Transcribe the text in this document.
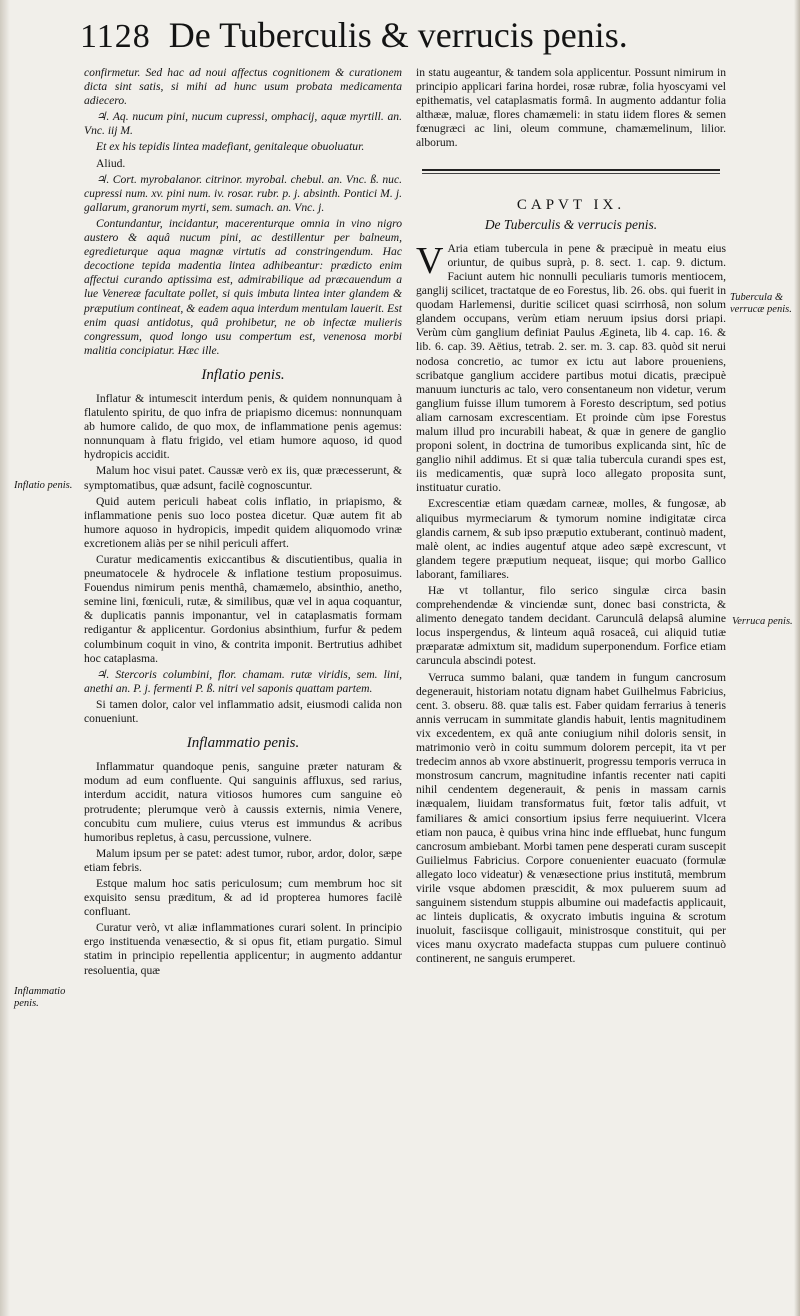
1128 De Tuberculis & verrucis penis.
Inflatio penis.
Inflammatio penis.
Tubercula & verrucæ penis.
Verruca penis.

confirmetur. Sed hac ad noui affectus cognitionem & curationem dicta sint satis, si mihi ad hunc usum probata medicamenta adiecero.

♃. Aq. nucum pini, nucum cupressi, omphacij, aquæ myrtill. an. Vnc. iij M.

Et ex his tepidis lintea madefiant, genitaleque obuoluatur.

Aliud.

♃. Cort. myrobalanor. citrinor. myrobal. chebul. an. Vnc. ß. nuc. cupressi num. xv. pini num. iv. rosar. rubr. p. j. absinth. Pontici M. j. gallarum, granorum myrti, sem. sumach. an. Vnc. j.

Contundantur, incidantur, macerenturque omnia in vino nigro austero & aquâ nucum pini, ac destillentur per balneum, egredieturque aqua magnæ virtutis ad constringendum. Hac decoctione tepida madentia lintea adhibeantur: prædicto enim affectui curando aptissima est, admirabilique ad præcauendum a lue Venereæ facultate pollet, si quis imbuta lintea inter glandem & præputium contineat, & eadem aqua interdum mentulam lauerit. Est enim quasi antidotus, quâ prohibetur, ne ob infectæ mulieris congressum, quod longo usu compertum est, venenosa morbi malitia concipiatur. Hæc ille.

Inflatio penis.

Inflatur & intumescit interdum penis, & quidem nonnunquam à flatulento spiritu, de quo infra de priapismo dicemus: nonnunquam ab humore calido, de quo mox, de inflammatione penis agemus: nonnunquam à flatu frigido, vel etiam humore aquoso, id quod hydropicis accidit.

Malum hoc visui patet. Caussæ verò ex iis, quæ præcesserunt, & symptomatibus, quæ adsunt, facilè cognoscuntur.

Quid autem periculi habeat colis inflatio, in priapismo, & inflammatione penis suo loco postea dicetur. Quæ autem fit ab humore aquoso in hydropicis, impedit quidem aliquomodo vrinæ excretionem aliàs per se nihil periculi affert.

Curatur medicamentis exiccantibus & discutientibus, qualia in pneumatocele & hydrocele & inflatione testium proposuimus. Fouendus nimirum penis menthâ, chamæmelo, absinthio, anetho, semine lini, fœniculi, rutæ, & similibus, quæ vel in aqua coquantur, & duplicatis pannis imponantur, vel in cataplasmatis formam redigantur & applicentur. Gordonius absinthium, furfur & pedem columbinum coquit in vino, & contrita imponit. Bertrutius adhibet hoc cataplasma.

♃. Stercoris columbini, flor. chamam. rutæ viridis, sem. lini, anethi an. P. j. fermenti P. ß. nitri vel saponis quattam partem.

Si tamen dolor, calor vel inflammatio adsit, eiusmodi calida non conueniunt.

Inflammatio penis.

Inflammatur quandoque penis, sanguine præter naturam & modum ad eum confluente. Qui sanguinis affluxus, sed rarius, interdum accidit, natura vitiosos humores cum sanguine eò protrudente; plerumque verò à caussis externis, nimia Venere, concubitu cum muliere, cuius vterus est immundus & acribus humoribus repletus, à casu, percussione, vulnere.

Malum ipsum per se patet: adest tumor, rubor, ardor, dolor, sæpe etiam febris.

Estque malum hoc satis periculosum; cum membrum hoc sit exquisito sensu præditum, & ad id propterea humores facilè confluant.

Curatur verò, vt aliæ inflammationes curari solent. In principio ergo instituenda venæsectio, & si opus fit, etiam purgatio. Simul statim in principio repellentia applicentur; in augmento addantur resoluentia, quæ

in statu augeantur, & tandem sola applicentur. Possunt nimirum in principio applicari farina hordei, rosæ rubræ, folia hyoscyami vel epithematis, vel cataplasmatis formâ. In augmento addantur folia althææ, maluæ, flores chamæmeli: in statu iidem flores & semen fœnugræci ac lini, oleum commune, chamæmelinum, lilior. alborum.

CAPVT IX.
De Tuberculis & verrucis penis.

V Aria etiam tubercula in pene & præcipuè in meatu eius oriuntur, de quibus suprà, p. 8. sect. 1. cap. 9. dictum. Faciunt autem hic nonnulli peculiaris tumoris mentiocem, ganglij scilicet, tractatque de eo Forestus, lib. 26. obs. qui fuerit in quodam Harlemensi, duritie scilicet quasi scirrhosâ, non solum glandem occupans, verùm etiam neruum ipsius dorsi priapi. Verùm cùm ganglium definiat Paulus Ægineta, lib 4. cap. 16. & lib. 6. cap. 39. Aëtius, tetrab. 2. ser. m. 3. cap. 83. quòd sit nerui nodosa concretio, ac tumor ex ictu aut labore proueniens, scribatque ganglium accidere partibus motui dicatis, præcipuè manuum iuncturis ac talo, vero consentaneum non videtur, verum ganglium fuisse illum tumorem à Foresto descriptum, sed potius aliam carnosam excrescentiam. Et proinde cùm ipse Forestus malum illud pro incurabili habeat, & quæ in genere de ganglio proponi solent, in doctrina de tumoribus explicanda sint, hîc de ganglio nihil addimus. Et si quæ talia tubercula curandi spes est, iis medicamentis, quæ suprà loco allegato proposita sunt, instituatur curatio.

Excrescentiæ etiam quædam carneæ, molles, & fungosæ, ab aliquibus myrmeciarum & tymorum nomine indigitatæ circa glandis carnem, & sub ipso præputio extuberant, continuò madent, malè olent, ac indies augentuf atque adeo sæpè excrescunt, vt glandem tegere præputium nequeat, iisque; qui morbo Gallico laborant, familiares.

Hæ vt tollantur, filo serico singulæ circa basin comprehendendæ & vinciendæ sunt, donec basi constricta, & alimento denegato tandem decidant. Carunculâ delapsâ alumine locus inspergendus, & linteum aquâ rosaceâ, cui aliquid tutiæ præparatæ admixtum sit, madidum superponendum. Forfice etiam caruncula abscindi potest.

Verruca summo balani, quæ tandem in fungum cancrosum degenerauit, historiam notatu dignam habet Guilhelmus Fabricius, cent. 3. obseru. 88. quæ talis est. Faber quidam ferrarius à teneris annis verrucam in summitate glandis habuit, lentis magnitudinem vix excedentem, ex quâ ante coniugium nihil doloris sensit, in matrimonio verò in coitu summum dolorem percepit, ita vt per tredecim annos ab vxore abstinuerit, progressu temporis verruca in monstrosum cancrum, magnitudine infantis recenter nati capiti nihil cendentem degenerauit, & penis in massam carnis inæqualem, liuidam transformatus fuit, fœtor talis adfuit, vt familiares & amici consortium ipsius ferre nequiuerint. Vlcera etiam non pauca, è quibus vrina hinc inde effluebat, hunc fungum cancrosum ambiebant. Morbi tamen pene desperati curam suscepit Guilielmus Fabricius. Corpore conuenienter euacuato (formulæ allegato loco videatur) & venæsectione prius institutâ, membrum virile vsque abdomen præscidit, & mox puluerem suum ad sanguinem sistendum stuppis albumine oui madefactis applicauit, ac linteis duplicatis, & oxycrato imbutis inguina & scrotum inuoluit, fasciisque colligauit, ministrosque constituit, qui per vices manu oxycrato madefacta stuppas cum puluere continuò continerent, ne sanguis erumperet.
